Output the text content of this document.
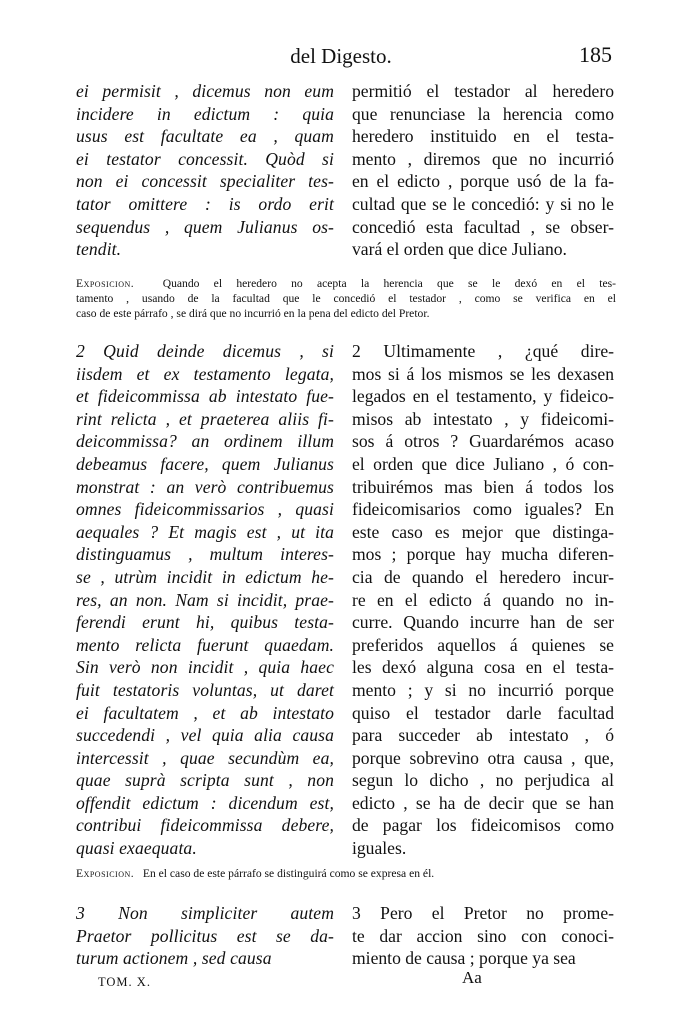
del Digesto.	185
ei permisit , dicemus non eum
incidere in edictum : quia
usus est facultate ea , quam
ei testator concessit. Quòd si
non ei concessit specialiter tes-
tator omittere : is ordo erit
sequendus , quem Julianus os-
tendit.
permitió el testador al heredero
que renunciase la herencia como
heredero instituido en el testa-
mento , diremos que no incurrió
en el edicto , porque usó de la fa-
cultad que se le concedió: y si no le
concedió esta facultad , se obser-
vará el orden que dice Juliano.
Exposicion. Quando el heredero no acepta la herencia que se le dexó en el tes-
tamento , usando de la facultad que le concedió el testador , como se verifica en el
caso de este párrafo , se dirá que no incurrió en la pena del edicto del Pretor.
2 Quid deinde dicemus , si
iisdem et ex testamento legata,
et fideicommissa ab intestato fue-
rint relicta , et praeterea aliis fi-
deicommissa? an ordinem illum
debeamus facere, quem Julianus
monstrat : an verò contribuemus
omnes fideicommissarios , quasi
aequales ? Et magis est , ut ita
distinguamus , multum interes-
se , utrùm incidit in edictum he-
res, an non. Nam si incidit, prae-
ferendi erunt hi, quibus testa-
mento relicta fuerunt quaedam.
Sin verò non incidit , quia haec
fuit testatoris voluntas, ut daret
ei facultatem , et ab intestato
succedendi , vel quia alia causa
intercessit , quae secundùm ea,
quae suprà scripta sunt , non
offendit edictum : dicendum est,
contribui fideicommissa debere,
quasi exaequata.
2 Ultimamente , ¿qué dire-
mos si á los mismos se les dexasen
legados en el testamento, y fideico-
misos ab intestato , y fideicomi-
sos á otros ? Guardarémos acaso
el orden que dice Juliano , ó con-
tribuirémos mas bien á todos los
fideicomisarios como iguales? En
este caso es mejor que distinga-
mos ; porque hay mucha diferen-
cia de quando el heredero incur-
re en el edicto á quando no in-
curre. Quando incurre han de ser
preferidos aquellos á quienes se
les dexó alguna cosa en el testa-
mento ; y si no incurrió porque
quiso el testador darle facultad
para succeder ab intestato , ó
porque sobrevino otra causa , que,
segun lo dicho , no perjudica al
edicto , se ha de decir que se han
de pagar los fideicomisos como
iguales.
Exposicion. En el caso de este párrafo se distinguirá como se expresa en él.
3 Non simpliciter autem
Praetor pollicitus est se da-
turum actionem , sed causa
3 Pero el Pretor no prome-
te dar accion sino con conoci-
miento de causa ; porque ya sea
TOM. X.	Aa
